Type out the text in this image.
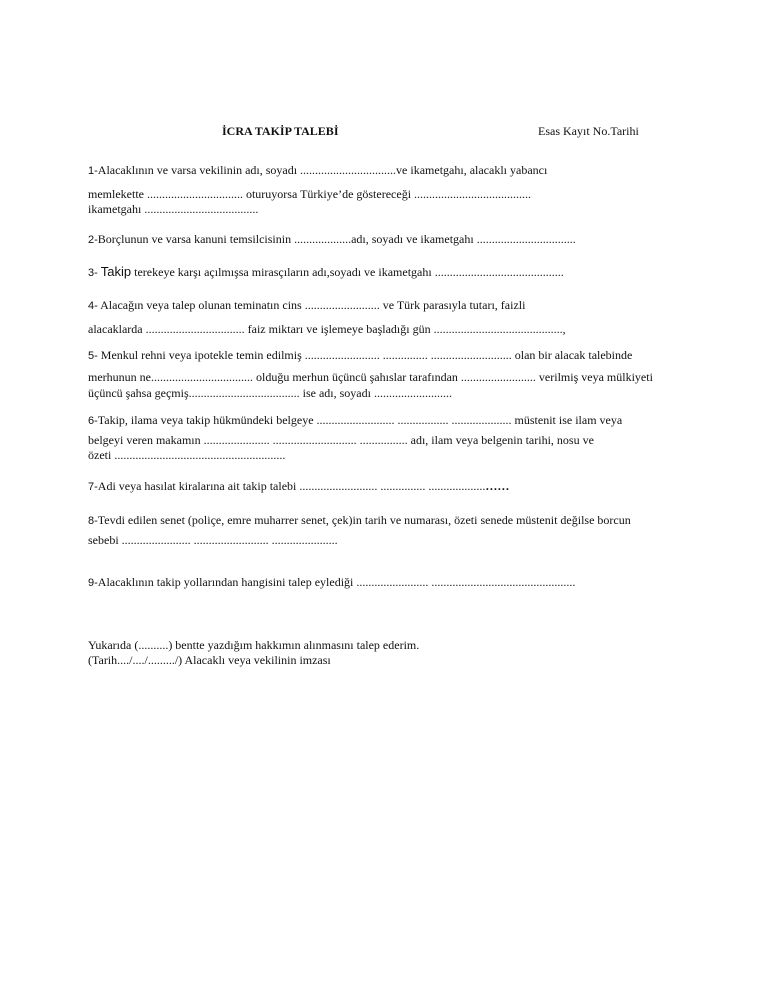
İCRA TAKİP TALEBİ	Esas Kayıt No.Tarihi
1-Alacaklının ve varsa vekilinin adı, soyadı ................................ve ikametgahı, alacaklı yabancı
memlekette ................................ oturuyorsa Türkiye’de göstereceği .......................................
ikametgahı ......................................
2-Borçlunun ve varsa kanuni temsilcisinin ...................adı, soyadı ve ikametgahı .................................
3- Takip terekeye karşı açılmışsa mirasçıların adı,soyadı ve ikametgahı ...........................................
4- Alacağın veya talep olunan teminatın cins ......................... ve Türk parasıyla tutarı, faizli
alacaklarda ................................. faiz miktarı ve işlemeye başladığı gün ...........................................,
5- Menkul rehni veya ipotekle temin edilmiş ......................... ............... ........................... olan bir alacak talebinde
merhunun ne.................................. olduğu merhun üçüncü şahıslar tarafından ......................... verilmiş veya mülkiyeti
üçüncü şahsa geçmiş..................................... ise adı, soyadı ..........................
6-Takip, ilama veya takip hükmündeki belgeye .......................... ................. .................... müstenit ise ilam veya
belgeyi veren makamın ...................... ............................ ................ adı, ilam veya belgenin tarihi, nosu ve
özeti .........................................................
7-Adi veya hasılat kiralarına ait takip talebi .......................... ............... ...................……
8-Tevdi edilen senet (poliçe, emre muharrer senet, çek)in tarih ve numarası, özeti senede müstenit değilse borcun
sebebi ....................... ......................... ......................
9-Alacaklının takip yollarından hangisini talep eylediği ........................ ................................................
Yukarıda (..........) bentte yazdığım hakkımın alınmasını talep ederim.
(Tarih..../..../........./) Alacaklı veya vekilinin imzası
